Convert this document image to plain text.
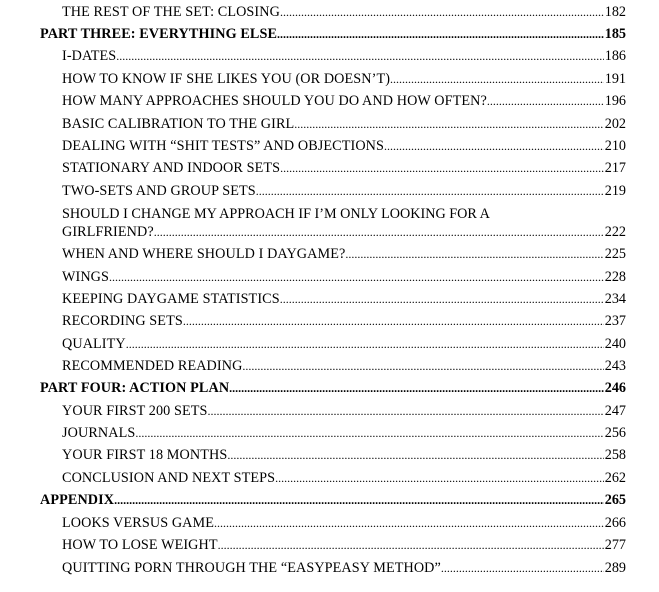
THE REST OF THE SET: CLOSING .....	182
PART THREE: EVERYTHING ELSE .....	185
I-DATES .....	186
HOW TO KNOW IF SHE LIKES YOU (OR DOESN’T) .....	191
HOW MANY APPROACHES SHOULD YOU DO AND HOW OFTEN? .....	196
BASIC CALIBRATION TO THE GIRL .....	202
DEALING WITH “SHIT TESTS” AND OBJECTIONS .....	210
STATIONARY AND INDOOR SETS .....	217
TWO-SETS AND GROUP SETS .....	219
SHOULD I CHANGE MY APPROACH IF I’M ONLY LOOKING FOR A
GIRLFRIEND? .....	222
WHEN AND WHERE SHOULD I DAYGAME? .....	225
WINGS .....	228
KEEPING DAYGAME STATISTICS .....	234
RECORDING SETS .....	237
QUALITY .....	240
RECOMMENDED READING .....	243
PART FOUR: ACTION PLAN .....	246
YOUR FIRST 200 SETS .....	247
JOURNALS .....	256
YOUR FIRST 18 MONTHS .....	258
CONCLUSION AND NEXT STEPS .....	262
APPENDIX .....	265
LOOKS VERSUS GAME .....	266
HOW TO LOSE WEIGHT .....	277
QUITTING PORN THROUGH THE “EASYPEASY METHOD” .....	289
